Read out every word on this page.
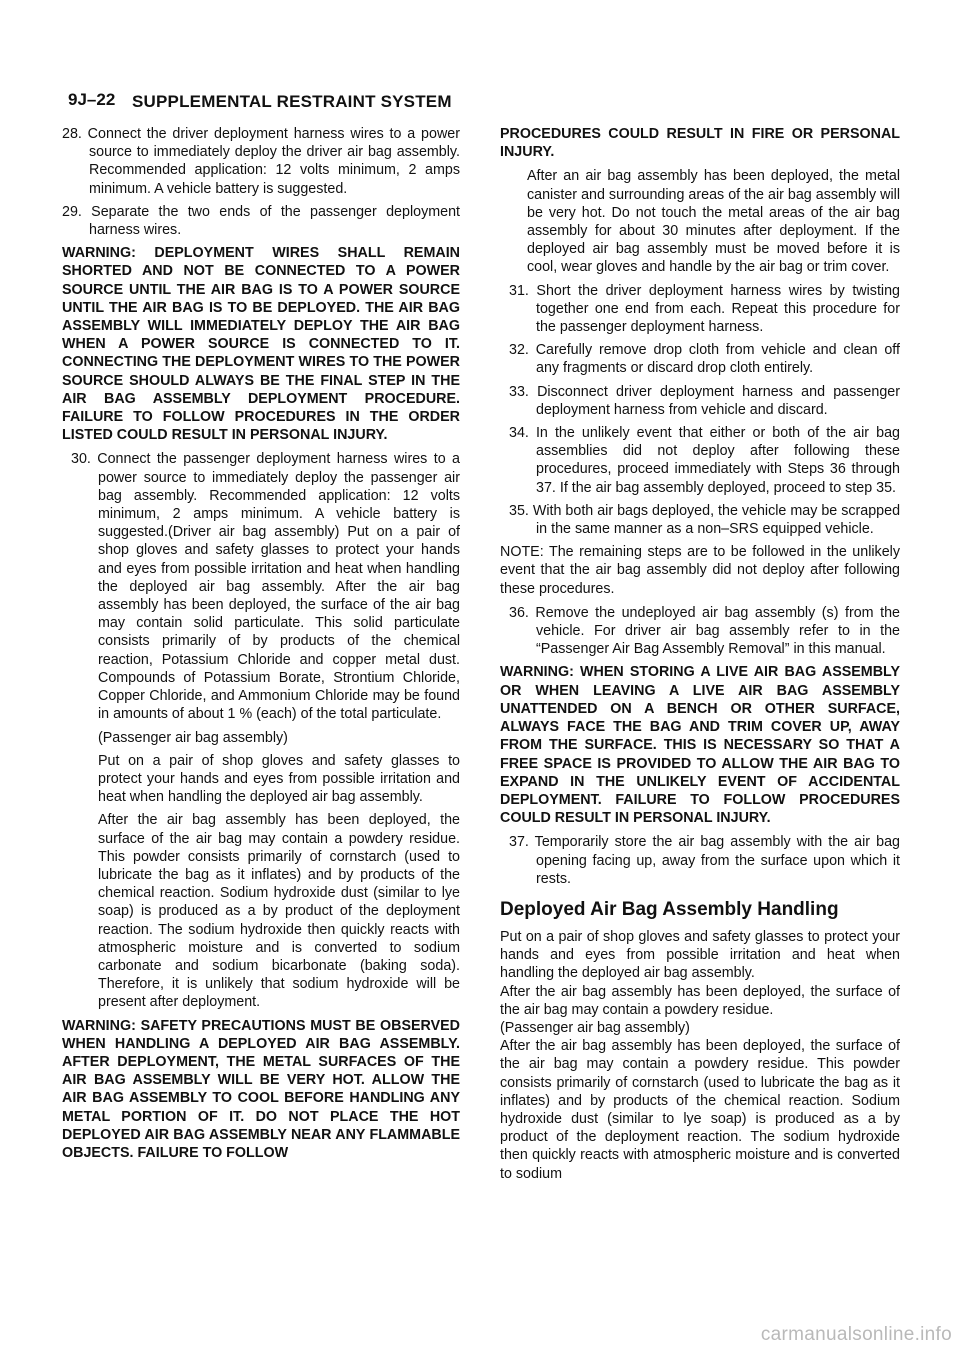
9J–22 SUPPLEMENTAL RESTRAINT SYSTEM

28. Connect the driver deployment harness wires to a power source to immediately deploy the driver air bag assembly. Recommended application: 12 volts minimum, 2 amps minimum. A vehicle battery is suggested.

29. Separate the two ends of the passenger deployment harness wires.

WARNING: DEPLOYMENT WIRES SHALL REMAIN SHORTED AND NOT BE CONNECTED TO A POWER SOURCE UNTIL THE AIR BAG IS TO A POWER SOURCE UNTIL THE AIR BAG IS TO BE DEPLOYED. THE AIR BAG ASSEMBLY WILL IMMEDIATELY DEPLOY THE AIR BAG WHEN A POWER SOURCE IS CONNECTED TO IT. CONNECTING THE DEPLOYMENT WIRES TO THE POWER SOURCE SHOULD ALWAYS BE THE FINAL STEP IN THE AIR BAG ASSEMBLY DEPLOYMENT PROCEDURE. FAILURE TO FOLLOW PROCEDURES IN THE ORDER LISTED COULD RESULT IN PERSONAL INJURY.

30. Connect the passenger deployment harness wires to a power source to immediately deploy the passenger air bag assembly. Recommended application: 12 volts minimum, 2 amps minimum. A vehicle battery is suggested.(Driver air bag assembly) Put on a pair of shop gloves and safety glasses to protect your hands and eyes from possible irritation and heat when handling the deployed air bag assembly. After the air bag assembly has been deployed, the surface of the air bag may contain solid particulate. This solid particulate consists primarily of by products of the chemical reaction, Potassium Chloride and copper metal dust. Compounds of Potassium Borate, Strontium Chloride, Copper Chloride, and Ammonium Chloride may be found in amounts of about 1 % (each) of the total particulate.

(Passenger air bag assembly)

Put on a pair of shop gloves and safety glasses to protect your hands and eyes from possible irritation and heat when handling the deployed air bag assembly.

After the air bag assembly has been deployed, the surface of the air bag may contain a powdery residue. This powder consists primarily of cornstarch (used to lubricate the bag as it inflates) and by products of the chemical reaction. Sodium hydroxide dust (similar to lye soap) is produced as a by product of the deployment reaction. The sodium hydroxide then quickly reacts with atmospheric moisture and is converted to sodium carbonate and sodium bicarbonate (baking soda). Therefore, it is unlikely that sodium hydroxide will be present after deployment.

WARNING: SAFETY PRECAUTIONS MUST BE OBSERVED WHEN HANDLING A DEPLOYED AIR BAG ASSEMBLY. AFTER DEPLOYMENT, THE METAL SURFACES OF THE AIR BAG ASSEMBLY WILL BE VERY HOT. ALLOW THE AIR BAG ASSEMBLY TO COOL BEFORE HANDLING ANY METAL PORTION OF IT. DO NOT PLACE THE HOT DEPLOYED AIR BAG ASSEMBLY NEAR ANY FLAMMABLE OBJECTS. FAILURE TO FOLLOW

PROCEDURES COULD RESULT IN FIRE OR PERSONAL INJURY.

After an air bag assembly has been deployed, the metal canister and surrounding areas of the air bag assembly will be very hot. Do not touch the metal areas of the air bag assembly for about 30 minutes after deployment. If the deployed air bag assembly must be moved before it is cool, wear gloves and handle by the air bag or trim cover.

31. Short the driver deployment harness wires by twisting together one end from each. Repeat this procedure for the passenger deployment harness.

32. Carefully remove drop cloth from vehicle and clean off any fragments or discard drop cloth entirely.

33. Disconnect driver deployment harness and passenger deployment harness from vehicle and discard.

34. In the unlikely event that either or both of the air bag assemblies did not deploy after following these procedures, proceed immediately with Steps 36 through 37. If the air bag assembly deployed, proceed to step 35.

35. With both air bags deployed, the vehicle may be scrapped in the same manner as a non–SRS equipped vehicle.

NOTE: The remaining steps are to be followed in the unlikely event that the air bag assembly did not deploy after following these procedures.

36. Remove the undeployed air bag assembly (s) from the vehicle. For driver air bag assembly refer to in the “Passenger Air Bag Assembly Removal” in this manual.

WARNING: WHEN STORING A LIVE AIR BAG ASSEMBLY OR WHEN LEAVING A LIVE AIR BAG ASSEMBLY UNATTENDED ON A BENCH OR OTHER SURFACE, ALWAYS FACE THE BAG AND TRIM COVER UP, AWAY FROM THE SURFACE. THIS IS NECESSARY SO THAT A FREE SPACE IS PROVIDED TO ALLOW THE AIR BAG TO EXPAND IN THE UNLIKELY EVENT OF ACCIDENTAL DEPLOYMENT. FAILURE TO FOLLOW PROCEDURES COULD RESULT IN PERSONAL INJURY.

37. Temporarily store the air bag assembly with the air bag opening facing up, away from the surface upon which it rests.

Deployed Air Bag Assembly Handling

Put on a pair of shop gloves and safety glasses to protect your hands and eyes from possible irritation and heat when handling the deployed air bag assembly.

After the air bag assembly has been deployed, the surface of the air bag may contain a powdery residue.

(Passenger air bag assembly)

After the air bag assembly has been deployed, the surface of the air bag may contain a powdery residue. This powder consists primarily of cornstarch (used to lubricate the bag as it inflates) and by products of the chemical reaction. Sodium hydroxide dust (similar to lye soap) is produced as a by product of the deployment reaction. The sodium hydroxide then quickly reacts with atmospheric moisture and is converted to sodium

carmanualsonline.info
